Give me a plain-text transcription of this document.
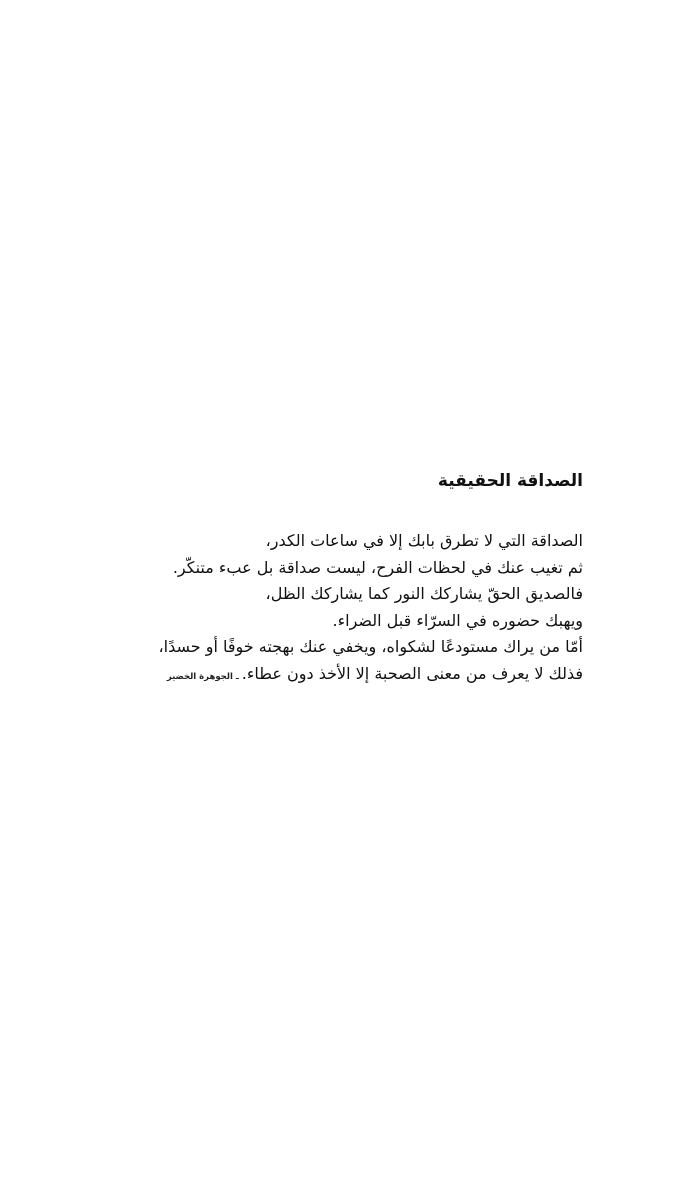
الصداقة الحقيقية
الصداقة التي لا تطرق بابك إلا في ساعات الكدر،
ثم تغيب عنك في لحظات الفرح، ليست صداقة بل عبء متنكّر.
فالصديق الحقّ يشاركك النور كما يشاركك الظل،
ويهبك حضوره في السرّاء قبل الضراء.
أمّا من يراك مستودعًا لشكواه، ويخفي عنك بهجته خوفًا أو حسدًا،
فذلك لا يعرف من معنى الصحبة إلا الأخذ دون عطاء.ـ الجوهرة الخضير
